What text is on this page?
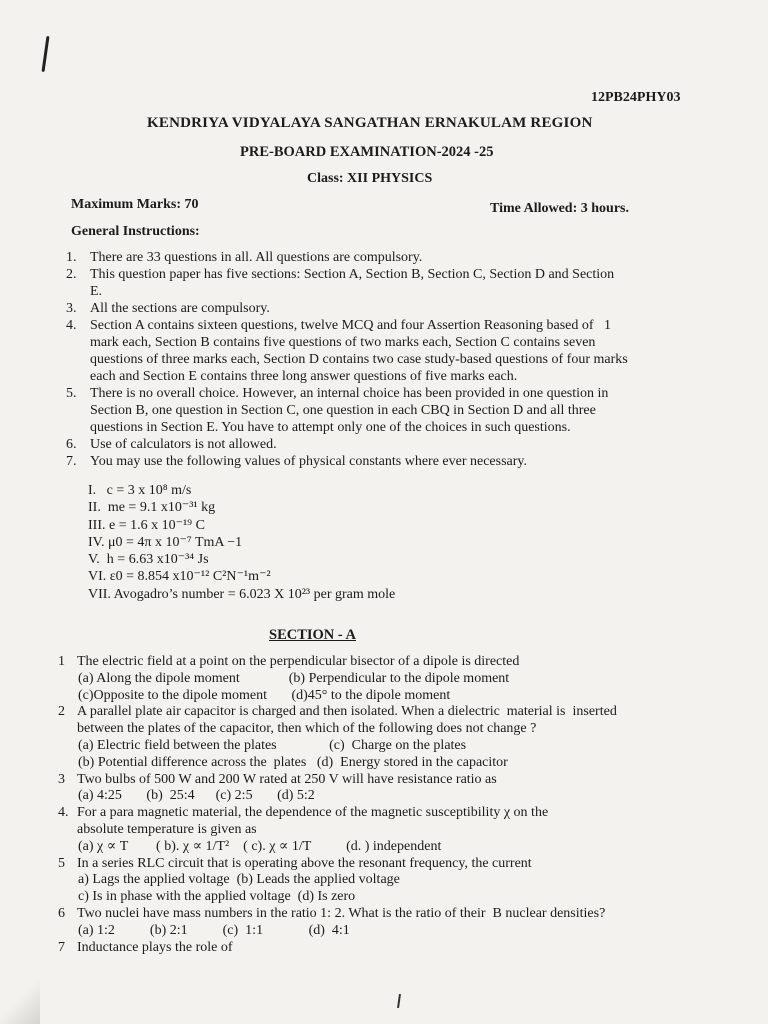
12PB24PHY03
KENDRIYA VIDYALAYA SANGATHAN ERNAKULAM REGION
PRE-BOARD EXAMINATION-2024 -25
Class: XII PHYSICS
Maximum Marks: 70	Time Allowed: 3 hours.
General Instructions:
1. There are 33 questions in all. All questions are compulsory.
2. This question paper has five sections: Section A, Section B, Section C, Section D and Section
E.
3. All the sections are compulsory.
4. Section A contains sixteen questions, twelve MCQ and four Assertion Reasoning based of   1
mark each, Section B contains five questions of two marks each, Section C contains seven
questions of three marks each, Section D contains two case study-based questions of four marks
each and Section E contains three long answer questions of five marks each.
5. There is no overall choice. However, an internal choice has been provided in one question in
Section B, one question in Section C, one question in each CBQ in Section D and all three
questions in Section E. You have to attempt only one of the choices in such questions.
6. Use of calculators is not allowed.
7. You may use the following values of physical constants where ever necessary.
I.   c = 3 x 10⁸ m/s
II.  me = 9.1 x10⁻³¹ kg
III. e = 1.6 x 10⁻¹⁹ C
IV. μ0 = 4π x 10⁻⁷ TmA −1
V.  h = 6.63 x10⁻³⁴ Js
VI. ε0 = 8.854 x10⁻¹² C²N⁻¹m⁻²
VII. Avogadro’s number = 6.023 X 10²³ per gram mole
SECTION - A
1 The electric field at a point on the perpendicular bisector of a dipole is directed
(a) Along the dipole moment              (b) Perpendicular to the dipole moment
(c)Opposite to the dipole moment       (d)45° to the dipole moment
2 A parallel plate air capacitor is charged and then isolated. When a dielectric  material is  inserted
between the plates of the capacitor, then which of the following does not change ?
(a) Electric field between the plates               (c)  Charge on the plates
(b) Potential difference across the  plates   (d)  Energy stored in the capacitor
3 Two bulbs of 500 W and 200 W rated at 250 V will have resistance ratio as
(a) 4:25       (b)  25:4      (c) 2:5       (d) 5:2
4. For a para magnetic material, the dependence of the magnetic susceptibility χ on the
absolute temperature is given as
(a) χ ∝ T        ( b). χ ∝ 1/T²    ( c). χ ∝ 1/T          (d. ) independent
5 In a series RLC circuit that is operating above the resonant frequency, the current
a) Lags the applied voltage  (b) Leads the applied voltage
c) Is in phase with the applied voltage  (d) Is zero
6 Two nuclei have mass numbers in the ratio 1: 2. What is the ratio of their  B nuclear densities?
(a) 1:2          (b) 2:1          (c)  1:1             (d)  4:1
7 Inductance plays the role of
